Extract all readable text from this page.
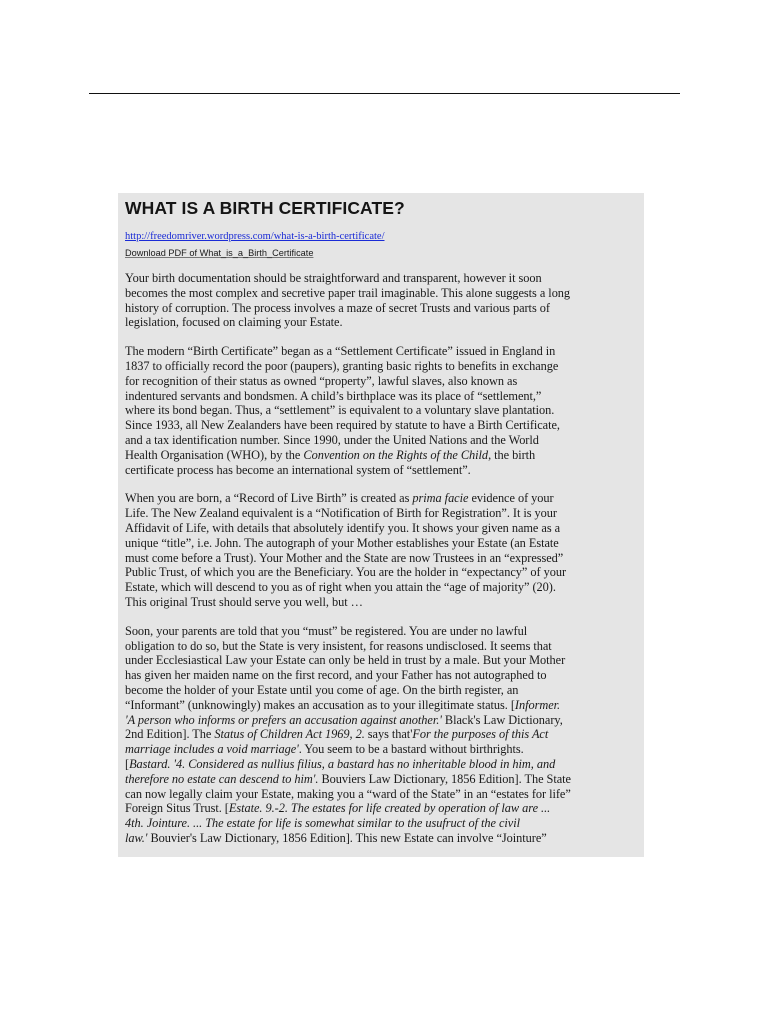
WHAT IS A BIRTH CERTIFICATE?
http://freedomriver.wordpress.com/what-is-a-birth-certificate/
Download PDF of What_is_a_Birth_Certificate

Your birth documentation should be straightforward and transparent, however it soon
becomes the most complex and secretive paper trail imaginable. This alone suggests a long
history of corruption. The process involves a maze of secret Trusts and various parts of
legislation, focused on claiming your Estate.

The modern “Birth Certificate” began as a “Settlement Certificate” issued in England in
1837 to officially record the poor (paupers), granting basic rights to benefits in exchange
for recognition of their status as owned “property”, lawful slaves, also known as
indentured servants and bondsmen. A child’s birthplace was its place of “settlement,”
where its bond began. Thus, a “settlement” is equivalent to a voluntary slave plantation.
Since 1933, all New Zealanders have been required by statute to have a Birth Certificate,
and a tax identification number. Since 1990, under the United Nations and the World
Health Organisation (WHO), by the Convention on the Rights of the Child, the birth
certificate process has become an international system of “settlement”.

When you are born, a “Record of Live Birth” is created as prima facie evidence of your
Life. The New Zealand equivalent is a “Notification of Birth for Registration”. It is your
Affidavit of Life, with details that absolutely identify you. It shows your given name as a
unique “title”, i.e. John. The autograph of your Mother establishes your Estate (an Estate
must come before a Trust). Your Mother and the State are now Trustees in an “expressed”
Public Trust, of which you are the Beneficiary. You are the holder in “expectancy” of your
Estate, which will descend to you as of right when you attain the “age of majority” (20).
This original Trust should serve you well, but …

Soon, your parents are told that you “must” be registered. You are under no lawful
obligation to do so, but the State is very insistent, for reasons undisclosed. It seems that
under Ecclesiastical Law your Estate can only be held in trust by a male. But your Mother
has given her maiden name on the first record, and your Father has not autographed to
become the holder of your Estate until you come of age. On the birth register, an
“Informant” (unknowingly) makes an accusation as to your illegitimate status. [Informer.
'A person who informs or prefers an accusation against another.' Black's Law Dictionary,
2nd Edition]. The Status of Children Act 1969, 2. says that'For the purposes of this Act
marriage includes a void marriage'. You seem to be a bastard without birthrights.
[Bastard. '4. Considered as nullius filius, a bastard has no inheritable blood in him, and
therefore no estate can descend to him'. Bouviers Law Dictionary, 1856 Edition]. The State
can now legally claim your Estate, making you a “ward of the State” in an “estates for life”
Foreign Situs Trust. [Estate. 9.-2. The estates for life created by operation of law are ...
4th. Jointure. ... The estate for life is somewhat similar to the usufruct of the civil
law.' Bouvier's Law Dictionary, 1856 Edition]. This new Estate can involve “Jointure”
